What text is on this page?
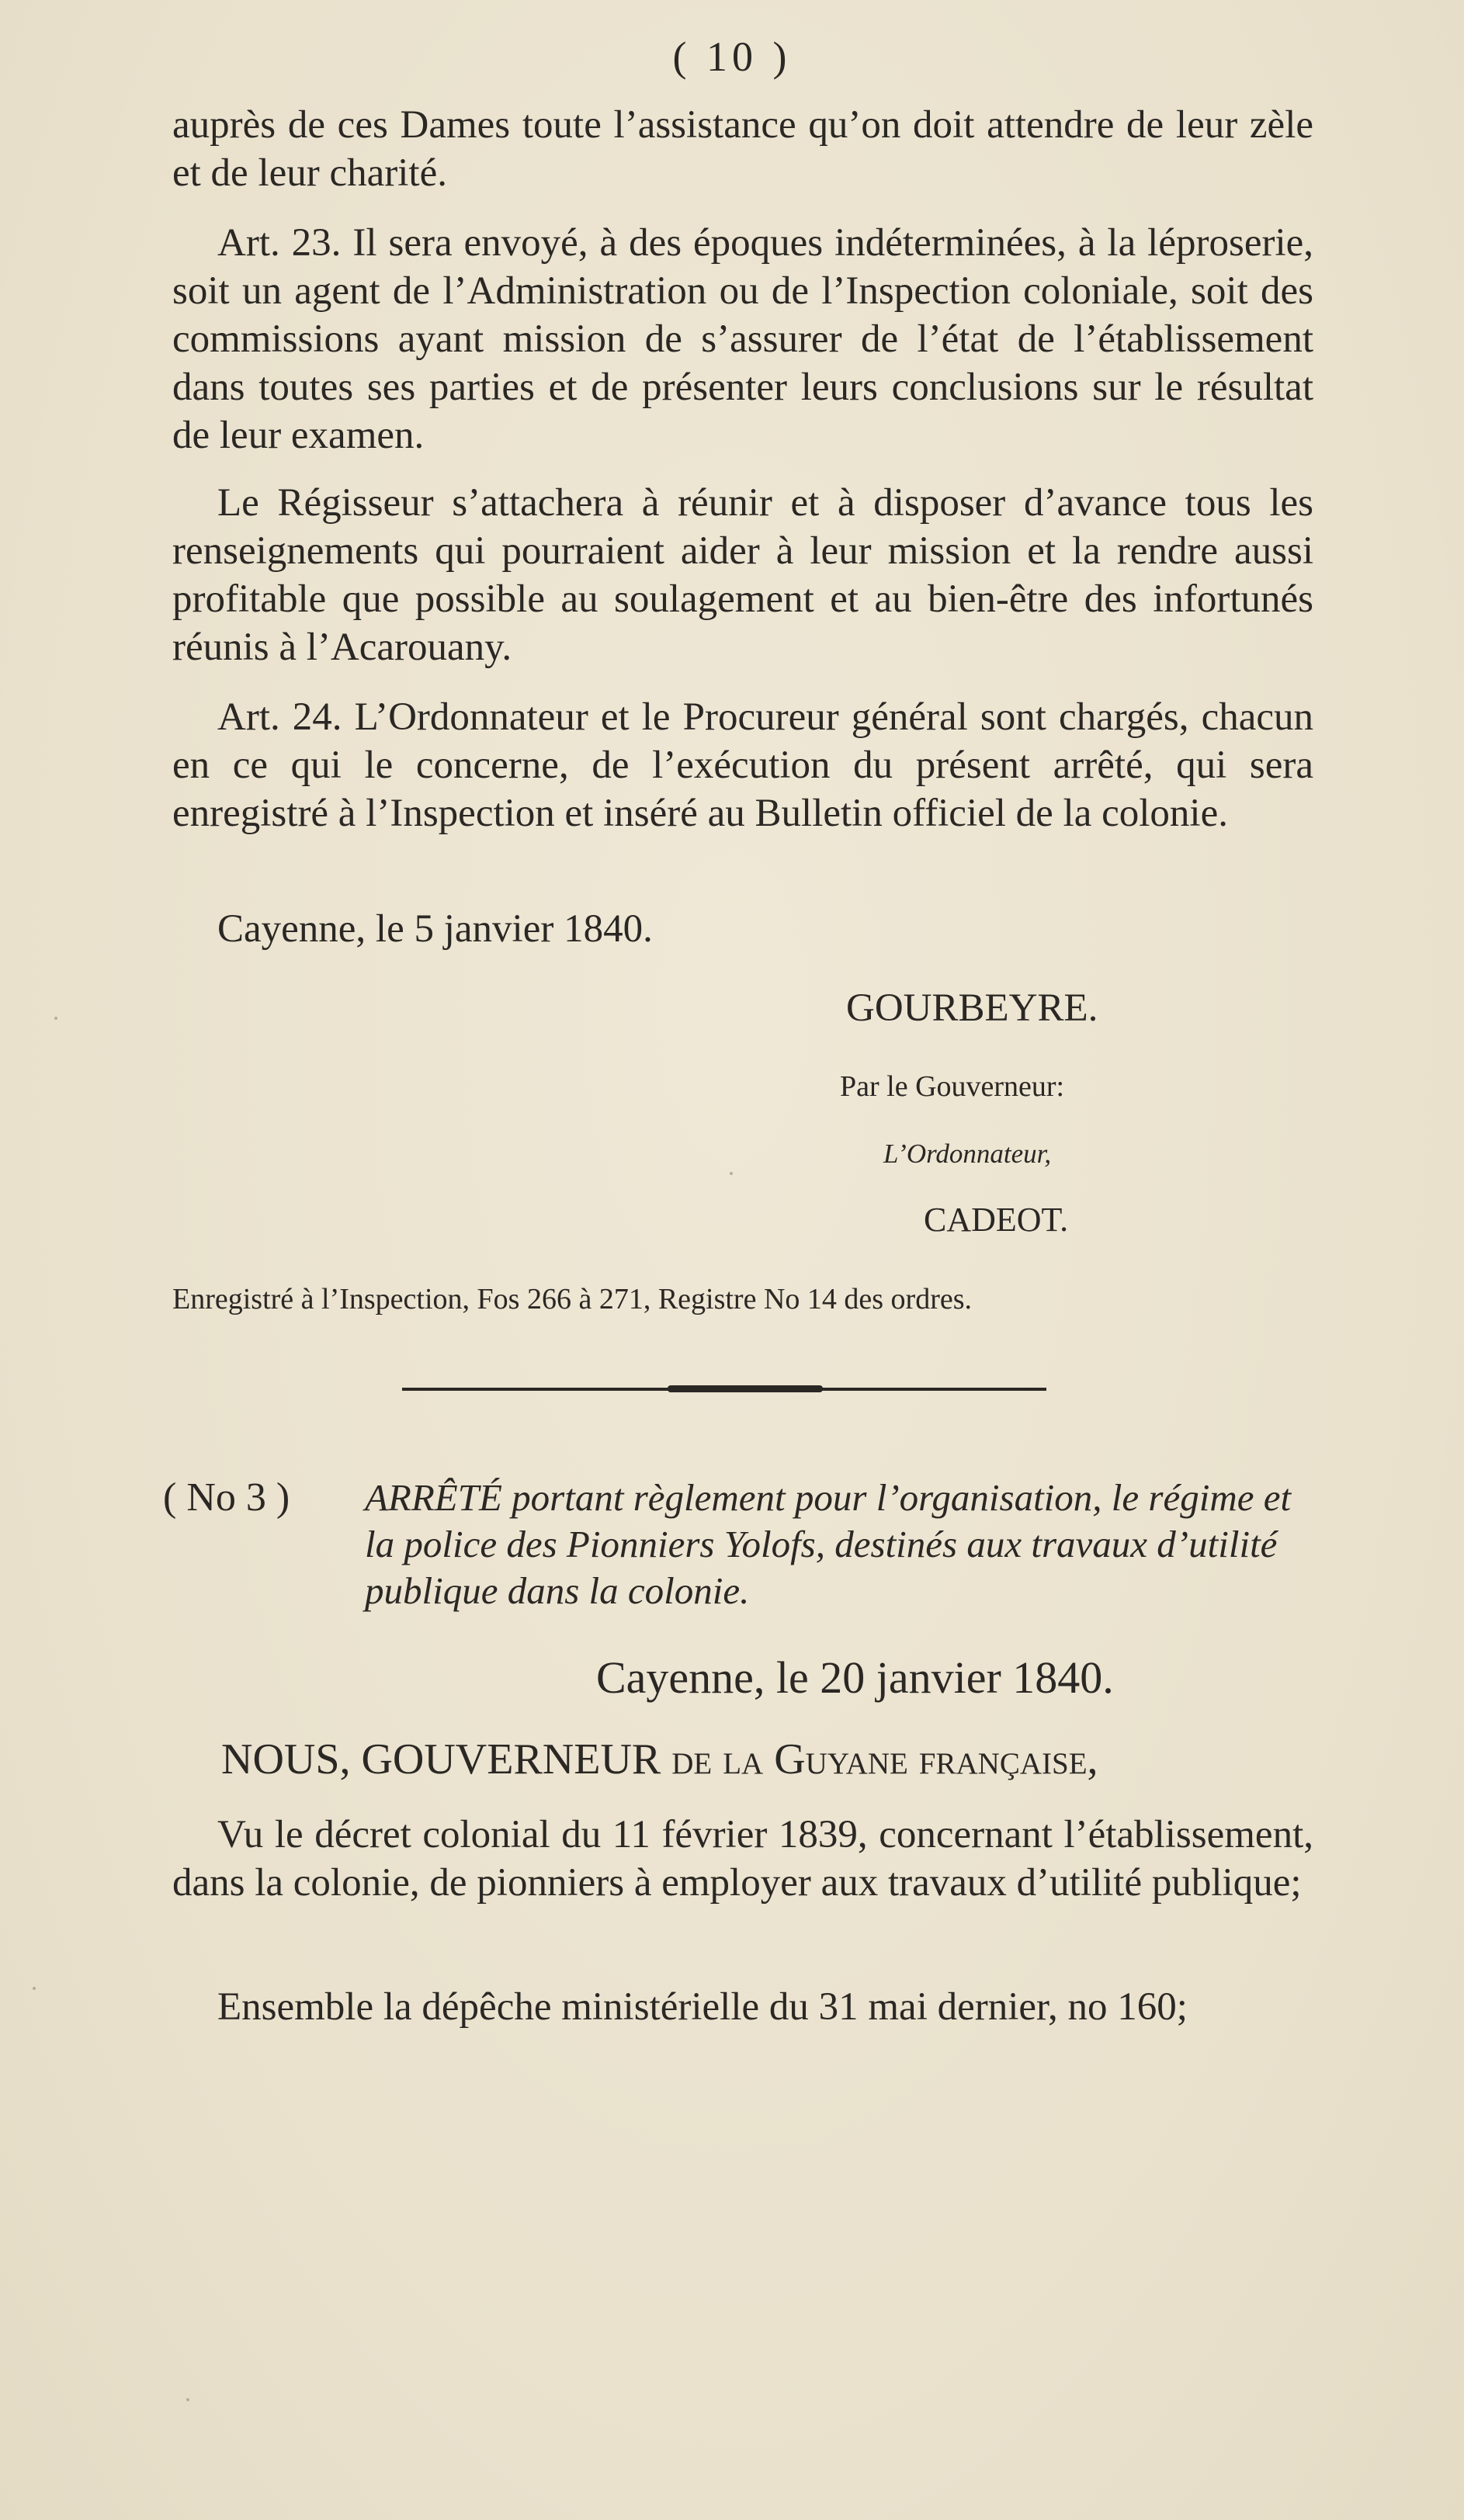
( 10 )

auprès de ces Dames toute l’assistance qu’on doit attendre de leur zèle et de leur charité.

Art. 23. Il sera envoyé, à des époques indéterminées, à la léproserie, soit un agent de l’Administration ou de l’Inspection coloniale, soit des commissions ayant mission de s’assurer de l’état de l’établissement dans toutes ses parties et de présenter leurs conclusions sur le résultat de leur examen.

Le Régisseur s’attachera à réunir et à disposer d’avance tous les renseignements qui pourraient aider à leur mission et la rendre aussi profitable que possible au soulagement et au bien-être des infortunés réunis à l’Acarouany.

Art. 24. L’Ordonnateur et le Procureur général sont chargés, chacun en ce qui le concerne, de l’exécution du présent arrêté, qui sera enregistré à l’Inspection et inséré au Bulletin officiel de la colonie.

Cayenne, le 5 janvier 1840.
GOURBEYRE.
Par le Gouverneur:
L’Ordonnateur,
CADEOT.
Enregistré à l’Inspection, Fos 266 à 271, Registre No 14 des ordres.
( No 3 ) ARRÊTÉ portant règlement pour l’organisation, le régime et la police des Pionniers Yolofs, destinés aux travaux d’utilité publique dans la colonie.

Cayenne, le 20 janvier 1840.
NOUS, GOUVERNEUR de la Guyane française,

Vu le décret colonial du 11 février 1839, concernant l’établissement, dans la colonie, de pionniers à employer aux travaux d’utilité publique;

Ensemble la dépêche ministérielle du 31 mai dernier, no 160;
